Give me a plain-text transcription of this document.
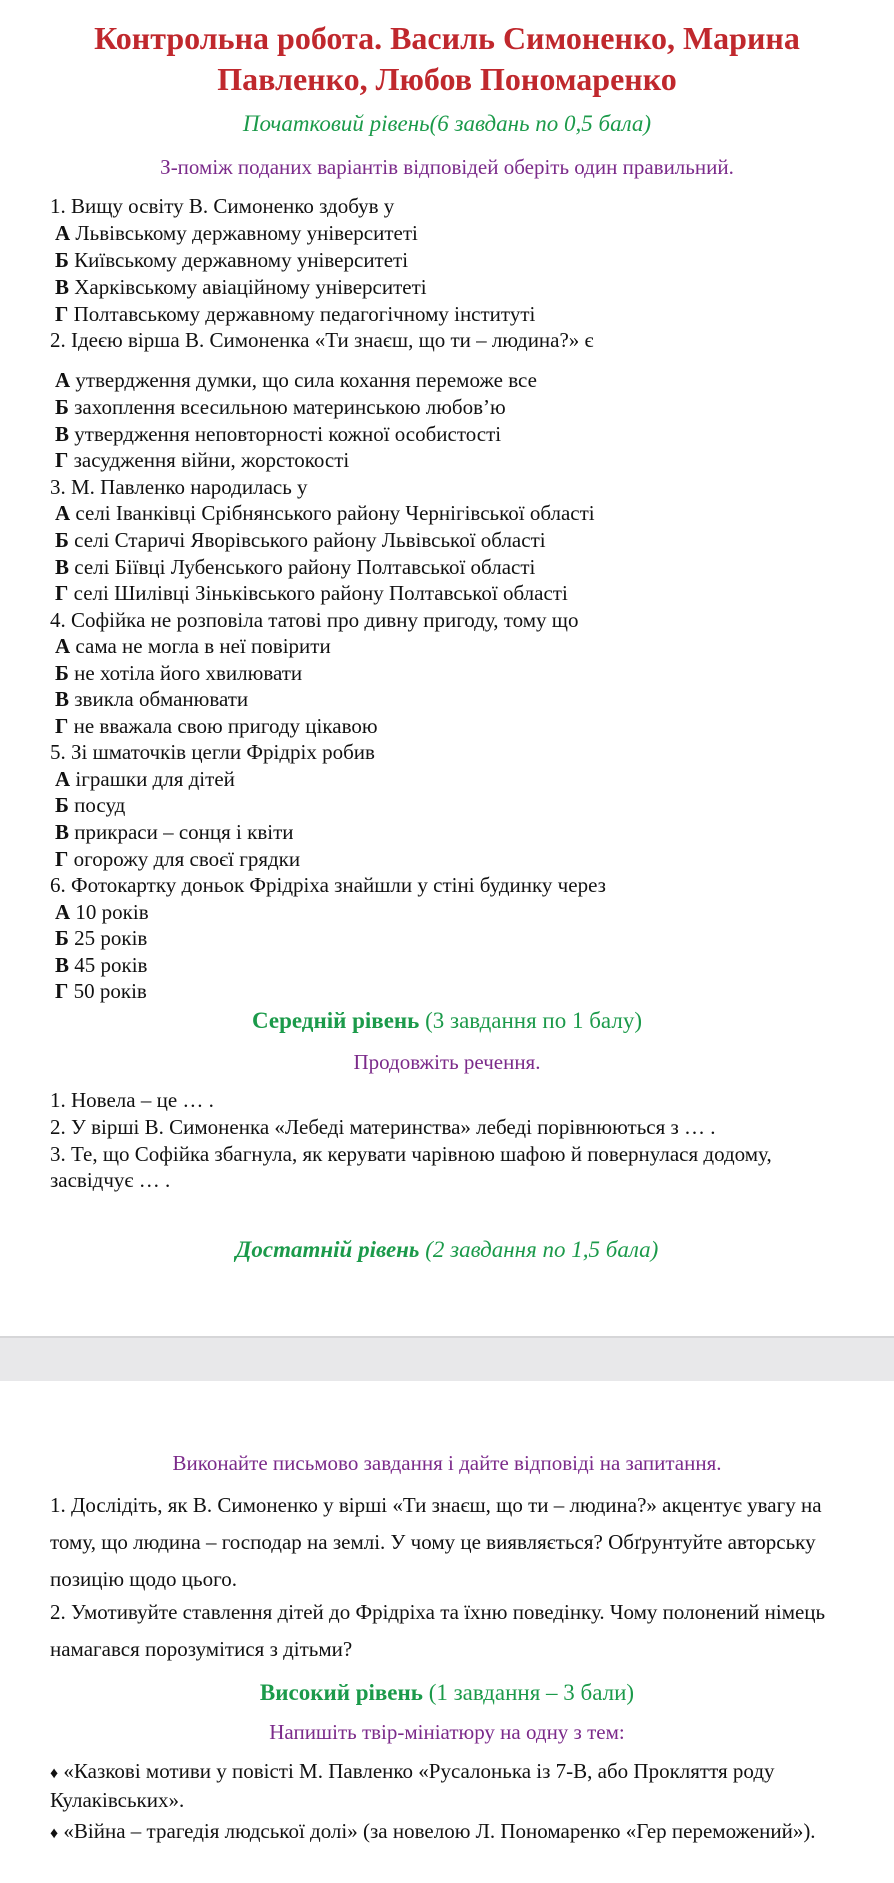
Контрольна робота. Василь Симоненко, Марина
Павленко, Любов Пономаренко
Початковий рівень(6 завдань по 0,5 бала)
З-поміж поданих варіантів відповідей оберіть один правильний.
1. Вищу освіту В. Симоненко здобув у
А Львівському державному університеті
Б Київському державному університеті
В Харківському авіаційному університеті
Г Полтавському державному педагогічному інституті
2. Ідеєю вірша В. Симоненка «Ти знаєш, що ти – людина?» є
А утвердження думки, що сила кохання переможе все
Б захоплення всесильною материнською любов’ю
В утвердження неповторності кожної особистості
Г засудження війни, жорстокості
3. М. Павленко народилась у
А селі Іванківці Срібнянського району Чернігівської області
Б селі Старичі Яворівського району Львівської області
В селі Біївці Лубенського району Полтавської області
Г селі Шилівці Зіньківського району Полтавської області
4. Софійка не розповіла татові про дивну пригоду, тому що
А сама не могла в неї повірити
Б не хотіла його хвилювати
В звикла обманювати
Г не вважала свою пригоду цікавою
5. Зі шматочків цегли Фрідріх робив
А іграшки для дітей
Б посуд
В прикраси – сонця і квіти
Г огорожу для своєї грядки
6. Фотокартку доньок Фрідріха знайшли у стіні будинку через
А 10 років
Б 25 років
В 45 років
Г 50 років
Середній рівень (3 завдання по 1 балу)
Продовжіть речення.
1. Новела – це … .
2. У вірші В. Симоненка «Лебеді материнства» лебеді порівнюються з … .
3. Те, що Софійка збагнула, як керувати чарівною шафою й повернулася додому, засвідчує … .
Достатній рівень (2 завдання по 1,5 бала)
Виконайте письмово завдання і дайте відповіді на запитання.
1. Дослідіть, як В. Симоненко у вірші «Ти знаєш, що ти – людина?» акцентує увагу на тому, що людина – господар на землі. У чому це виявляється? Обґрунтуйте авторську позицію щодо цього.
2. Умотивуйте ставлення дітей до Фрідріха та їхню поведінку. Чому полонений німець намагався порозумітися з дітьми?
Високий рівень (1 завдання – 3 бали)
Напишіть твір-мініатюру на одну з тем:
♦ «Казкові мотиви у повісті М. Павленко «Русалонька із 7-В, або Прокляття роду Кулаківських».
♦ «Війна – трагедія людської долі» (за новелою Л. Пономаренко «Гер переможений»).
